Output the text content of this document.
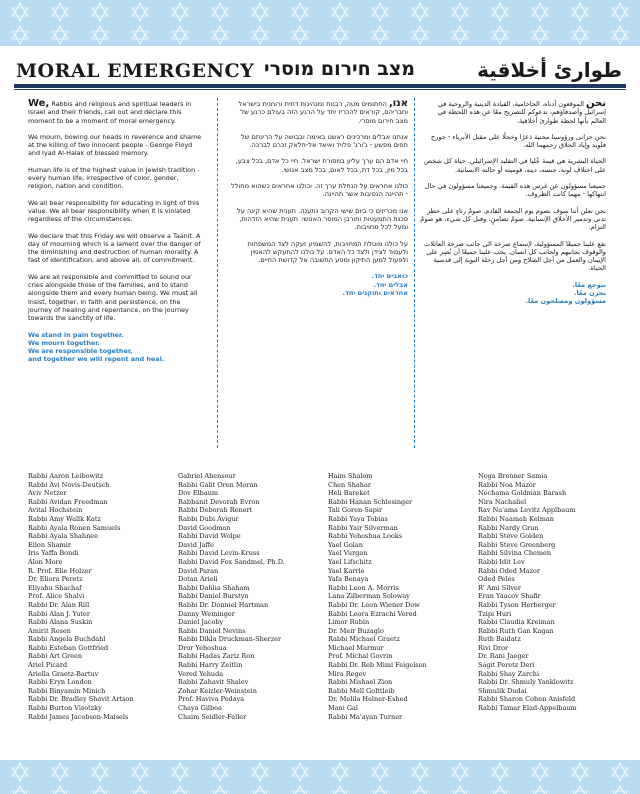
MORAL EMERGENCY מצב חירום מוסרי	طوارئ أخلاقية

We, Rabbis and religious and spiritual leaders in Israel and their friends, call out and declare this moment to be a moment of moral emergency.

We mourn, bowing our heads in reverence and shame at the killing of two innocent people - George Floyd and Iyad Al-Halak of blessed memory.

Human life is of the highest value in Jewish tradition - every human life, irrespective of color, gender, religion, nation and condition.

We all bear responsibility for educating in light of this value. We all bear responsibility when it is violated regardless of the circumstances.

We declare that this Friday we will observe a Taanit. A day of mourning which is a lament over the danger of the diminishing and destruction of human morality. A fast of identification, and above all, of commitment.

We are all responsible and committed to sound our cries alongside those of the families, and to stand alongside them and every human being. We must all insist, together, in faith and persistence, on the journey of healing and repentance, on the journey towards the sanctity of life.

We stand in pain together.
We mourn together.
We are responsible together,
and together we will repent and heal.

אנו, החתומים מטה, רבנות ומנהיגות דתית ורוחנית בישראל וחבריהם, קוראים להכריז יחד על הרגע הזה בעולם כרגע של מצב חירום מוסרי.

אנחנו אבלים ומרכינים ראשנו באימה ובבושה על הריגתם של חפים מפשע - ג'ורג' פלויד ואיאד אל-חלאק זכרם לברכה.

חיי אדם הם ערך עליון במסורת ישראל. חיי כל אדם, בכל צבע, בכל מין, בכל דת, בכל לאום, בכל מצב אנושי.

כולנו אחראים על הנחלת ערך זה. וכולנו אחראים כשהוא מחולל - תהיינה הנסיבות אשר תהיינה.

אנו מכריזים כי ביום שישי הקרוב נתענה. תענית שהיא קינה על סכנת התמעטות וחורבן המוסר האנושי. תענית שהיא הזדהות, ומעל לכל מחויבות.

על כולנו מוטלת המחויבות, להשמיע זעקה לצד המשפחות ולעמוד לצידן ולצד כל האדם. על כולנו להתעקש להאמין ולפעול למען התיקון ומסע התשובה אל קדושת החיים.

כואבים יחד.
אבלים יחד.
אחראים ותוקנים יחד.

نحن الموقعون أدناه، الحاخامية، القيادة الدينية والروحية في إسرائيل وأصدقاؤهم، ندعوكم للتصريح معًا عن هذه اللحظة في العالم بأنها لحظة طوارئ أخلاقية.

نحن حزانى ورؤوسنا محنية ذعرًا وخجلًا على مقتل الأبرياء - جورج فلويد وإياد الحلاق رحمهما الله.

الحياة البشرية هي قيمة عُليا في التقليد الإسرائيلي. حياة كل شخص على اختلاف لونه، جنسه، دينه، قوميته أو حالته الانسانية.

جميعنا مسؤولون عن غرس هذه القيمة. وجميعنا مسؤولون في حال انتهاكها - مهما كانت الظروف.

نحن نعلن أننا سوف نصوم يوم الجمعة القادم. صومٌ رثاءٍ على خطر تدني وتدمير الأخلاق الإنسانية. صومٌ تضامنٍ، وقبل كل شيء، هو صومٌ التزام.

نقع علينا جميعًا المسؤولية، لإسماع صرخة الى جانب صرخة العائلات والوقوف بجانبهم ولجانب كل انسان. يجب علينا جميعًا أن نُصِر على الإيمان والعمل من أجل الصلاح ومن أجل رحلة التوبة إلى قدسية الحياة.

نتوجع معًا.
نحزن معًا.
مسؤولون ومصلحون معًا.
Rabbi Aaron Leibowitz
Rabbi Avi Novis-Deutsch
Aviv Netzer
Rabbi Avidan Freedman
Avital Hochstein
Rabbi Amy Wallk Katz
Rabbi Ayala Ronen Samuels
Rabbi Ayala Shahnee
Eilon Shamir
Iris Yaffa Bondi
Alon More
R. Prof. Elie Holzer
Dr. Eliora Peretz
Eliyahu Shachaf
Prof. Alice Shalvi
Rabbi Dr. Alan Rill
Rabbi Alan J. Yuter
Rabbi Alana Suskin
Amirit Rosen
Rabbi Angela Buchdahl
Rabbi Esteban Gottfried
Rabbi Art Green
Ariel Picard
Ariella Graetz-Bartuv
Rabbi Eryn London
Rabbi Binyamin Minich
Rabbi Dr. Bradley Shavit Artson
Rabbi Burton Visotzky
Rabbi James Jacobson-Maisels
Gabriel Abensour
Rabbi Galit Oren Moran
Dov Elbaum
Rabbanit Devorah Evron
Rabbi Deborah Renert
Rabbi Dubi Avigur
David Goodman
Rabbi David Wolpe
David Jaffe
Rabbi David Levin-Kruss
Rabbi David Fox Sandmel, Ph.D.
David Paran
Dotan Arieli
Rabbi Dahlia Shaham
Rabbi Daniel Burstyn
Rabbi Dr. Donniel Hartman
Danny Weininger
Daniel Jacoby
Rabbi Daniel Nevins
Rabbi Dikla Druckman-Sherzer
Dror Yehoshua
Rabbi Hadas Zariz Ron
Rabbi Harry Zeitlin
Vered Yehuda
Rabbi Zahavit Shalev
Zohar Keizler-Weinstein
Prof. Haviva Pedaya
Chaya Gilboa
Chaim Seidler-Feller
Haim Shalom
Chen Shahar
Heli Bareket
Rabbi Hanan Schlesinger
Tali Goren-Sapir
Rabbi Yaya Tobias
Rabbi Yair Silverman
Rabbi Yehoshua Looks
Yael Golan
Yael Vurgan
Yael Lifschitz
Yael Karrie
Yafa Benaya
Rabbi Leon A. Morris
Lana Zilberman Soloway
Rabbi Dr. Leon Wiener Dow
Rabbi Leora Ezrachi Vered
Limor Rubin
Dr. Meir Buzaglo
Rabbi Michael Graetz
Michael Marmur
Prof. Michal Govrin
Rabbi Dr. Reb Mimi Feigelson
Mira Regev
Rabbi Mishael Zion
Rabbi Mell Golttleib
Dr. Melila Helner-Eshed
Mani Gal
Rabbi Ma'ayan Turner
Noga Brenner Samia
Rabbi Noa Mazor
Nechama Goldman Barash
Nira Nachaliel
Rav Na'ama Levitz Applbaum
Rabbi Naamah Kelman
Rabbi Nardy Grun
Rabbi Steve Golden
Rabbi Steve Greenberg
Rabbi Silvina Chemen
Rabbi Idit Lev
Rabbi Oded Mazor
Oded Peles
R' Ami Silver
Eran Yaacov Shafir
Rabbi Tyson Herberger
Tzipi Huri
Rabbi Claudia Kreiman
Rabbi Ruth Gan Kagan
Ruth Baidatz
Rivi Dror
Dr. Rani Jaeger
Sagit Peretz Deri
Rabbi Shay Zarchi
Rabbi Dr. Shmuly Yanklowitz
Shmulik Dudai
Rabbi Sharon Cohen Anisfeld
Rabbi Tamar Elad-Appelbaum
